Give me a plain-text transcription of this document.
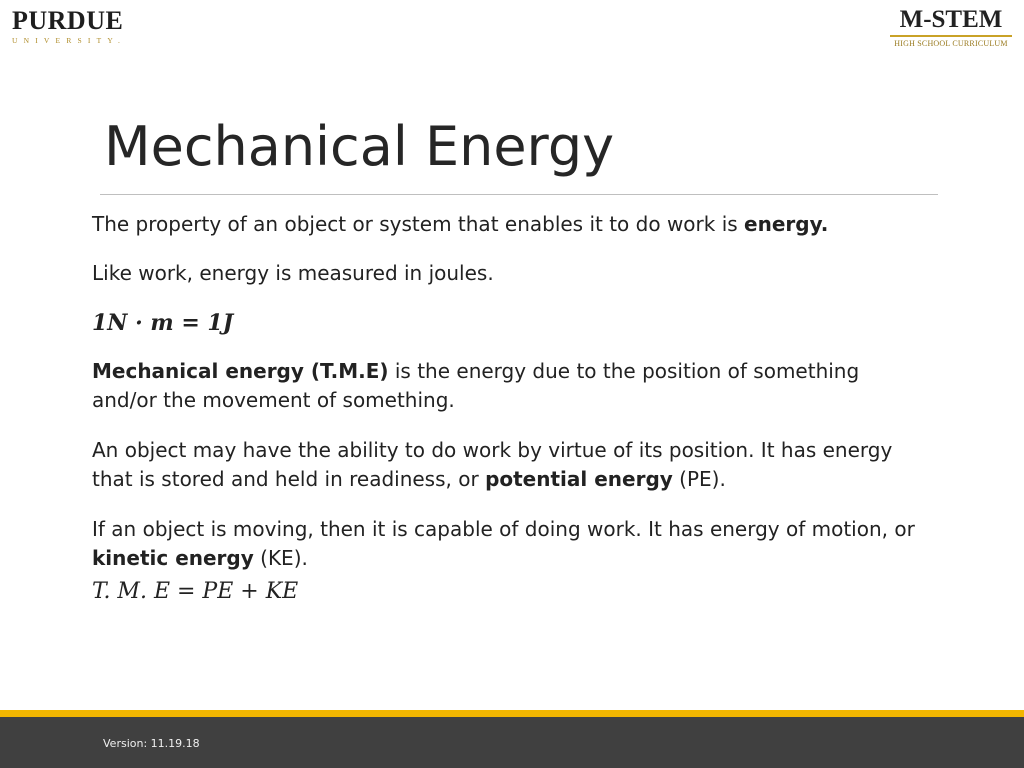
PURDUE
UNIVERSITY.
M-STEM
HIGH SCHOOL CURRICULUM
Mechanical Energy

The property of an object or system that enables it to do work is energy.

Like work, energy is measured in joules.

1N · m = 1J

Mechanical energy (T.M.E) is the energy due to the position of something and/or the movement of something.

An object may have the ability to do work by virtue of its position. It has energy that is stored and held in readiness, or potential energy (PE).

If an object is moving, then it is capable of doing work. It has energy of motion, or kinetic energy (KE).

T. M. E = PE + KE

Version: 11.19.18
